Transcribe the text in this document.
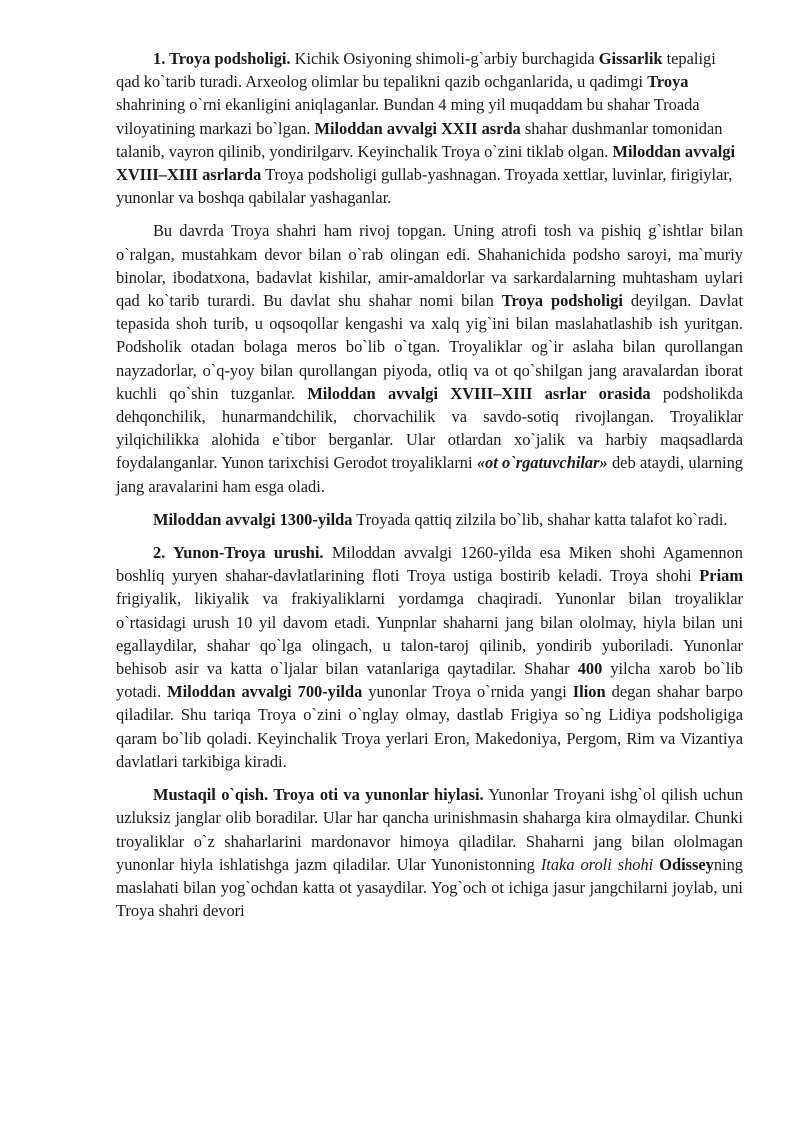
1. Troya podsholigi. Kichik Osiyoning shimoli-g`arbiy burchagida Gissarlik tepaligi qad ko`tarib turadi. Arxeolog olimlar bu tepalikni qazib ochganlarida, u qadimgi Troya shahrining o`rni ekanligini aniqlaganlar. Bundan 4 ming yil muqaddam bu shahar Troada viloyatining markazi bo`lgan. Miloddan avvalgi XXII asrda shahar dushmanlar tomonidan talanib, vayron qilinib, yondirilgarv. Keyinchalik Troya o`zini tiklab olgan. Miloddan avvalgi XVIII–XIII asrlarda Troya podsholigi gullab-yashnagan. Troyada xettlar, luvinlar, firigiylar, yunonlar va boshqa qabilalar yashaganlar.

Bu davrda Troya shahri ham rivoj topgan. Uning atrofi tosh va pishiq g`ishtlar bilan o`ralgan, mustahkam devor bilan o`rab olingan edi. Shahanichida podsho saroyi, ma`muriy binolar, ibodatxona, badavlat kishilar, amir-amaldorlar va sarkardalarning muhtasham uylari qad ko`tarib turardi. Bu davlat shu shahar nomi bilan Troya podsholigi deyilgan. Davlat tepasida shoh turib, u oqsoqollar kengashi va xalq yig`ini bilan maslahatlashib ish yuritgan. Podsholik otadan bolaga meros bo`lib o`tgan. Troyaliklar og`ir aslaha bilan qurollangan nayzadorlar, o`q-yoy bilan qurollangan piyoda, otliq va ot qo`shilgan jang aravalardan iborat kuchli qo`shin tuzganlar. Miloddan avvalgi XVIII–XIII asrlar orasida podsholikda dehqonchilik, hunarmandchilik, chorvachilik va savdo-sotiq rivojlangan. Troyaliklar yilqichilikka alohida e`tibor berganlar. Ular otlardan xo`jalik va harbiy maqsadlarda foydalanganlar. Yunon tarixchisi Gerodot troyaliklarni «ot o`rgatuvchilar» deb ataydi, ularning jang aravalarini ham esga oladi.

Miloddan avvalgi 1300-yilda Troyada qattiq zilzila bo`lib, shahar katta talafot ko`radi.

2. Yunon-Troya urushi. Miloddan avvalgi 1260-yilda esa Miken shohi Agamennon boshliq yuryen shahar-davlatlarining floti Troya ustiga bostirib keladi. Troya shohi Priam frigiyalik, likiyalik va frakiyaliklarni yordamga chaqiradi. Yunonlar bilan troyaliklar o`rtasidagi urush 10 yil davom etadi. Yunpnlar shaharni jang bilan ololmay, hiyla bilan uni egallaydilar, shahar qo`lga olingach, u talon-taroj qilinib, yondirib yuboriladi. Yunonlar behisob asir va katta o`ljalar bilan vatanlariga qaytadilar. Shahar 400 yilcha xarob bo`lib yotadi. Miloddan avvalgi 700-yilda yunonlar Troya o`rnida yangi Ilion degan shahar barpo qiladilar. Shu tariqa Troya o`zini o`nglay olmay, dastlab Frigiya so`ng Lidiya podsholigiga qaram bo`lib qoladi. Keyinchalik Troya yerlari Eron, Makedoniya, Pergom, Rim va Vizantiya davlatlari tarkibiga kiradi.

Mustaqil o`qish. Troya oti va yunonlar hiylasi. Yunonlar Troyani ishg`ol qilish uchun uzluksiz janglar olib boradilar. Ular har qancha urinishmasin shaharga kira olmaydilar. Chunki troyaliklar o`z shaharlarini mardonavor himoya qiladilar. Shaharni jang bilan ololmagan yunonlar hiyla ishlatishga jazm qiladilar. Ular Yunonistonning Itaka oroli shohi Odisseyning maslahati bilan yog`ochdan katta ot yasaydilar. Yog`och ot ichiga jasur jangchilarni joylab, uni Troya shahri devori
